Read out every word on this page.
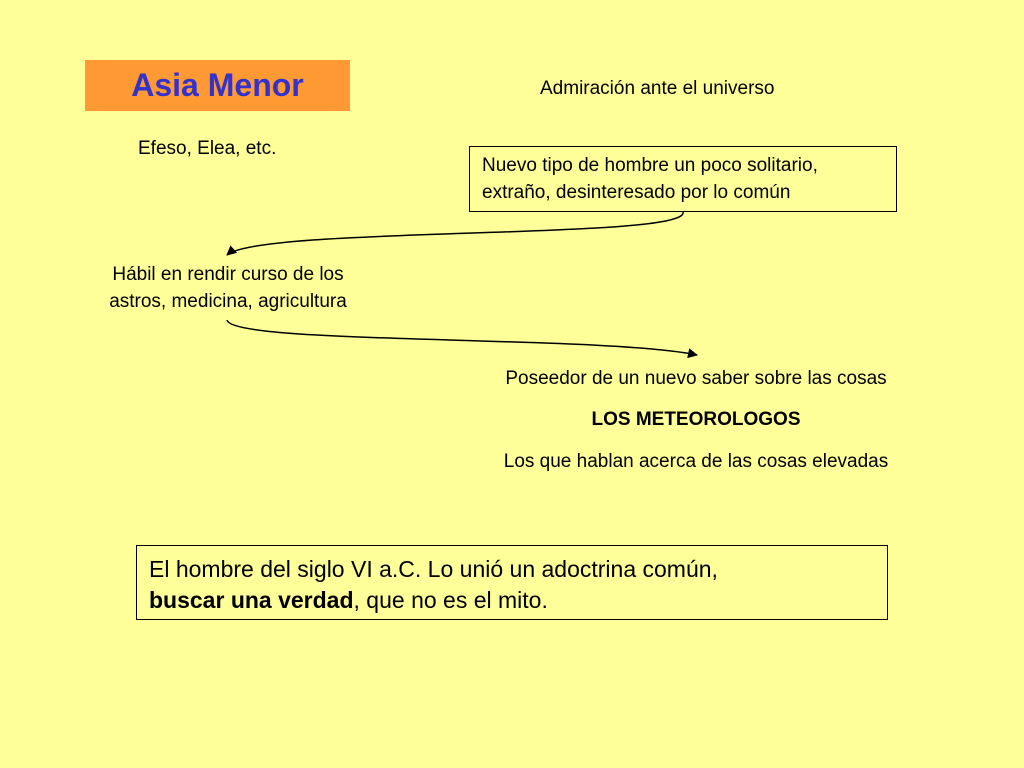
Asia Menor	Admiración ante el universo
Efeso, Elea, etc.
Nuevo tipo de hombre un poco solitario,
extraño, desinteresado por lo común
Hábil en rendir curso de los
astros, medicina, agricultura
Poseedor de un nuevo saber sobre las cosas
LOS METEOROLOGOS
Los que hablan acerca de las cosas elevadas
El hombre del siglo VI a.C. Lo unió un adoctrina común,
buscar una verdad, que no es el mito.
